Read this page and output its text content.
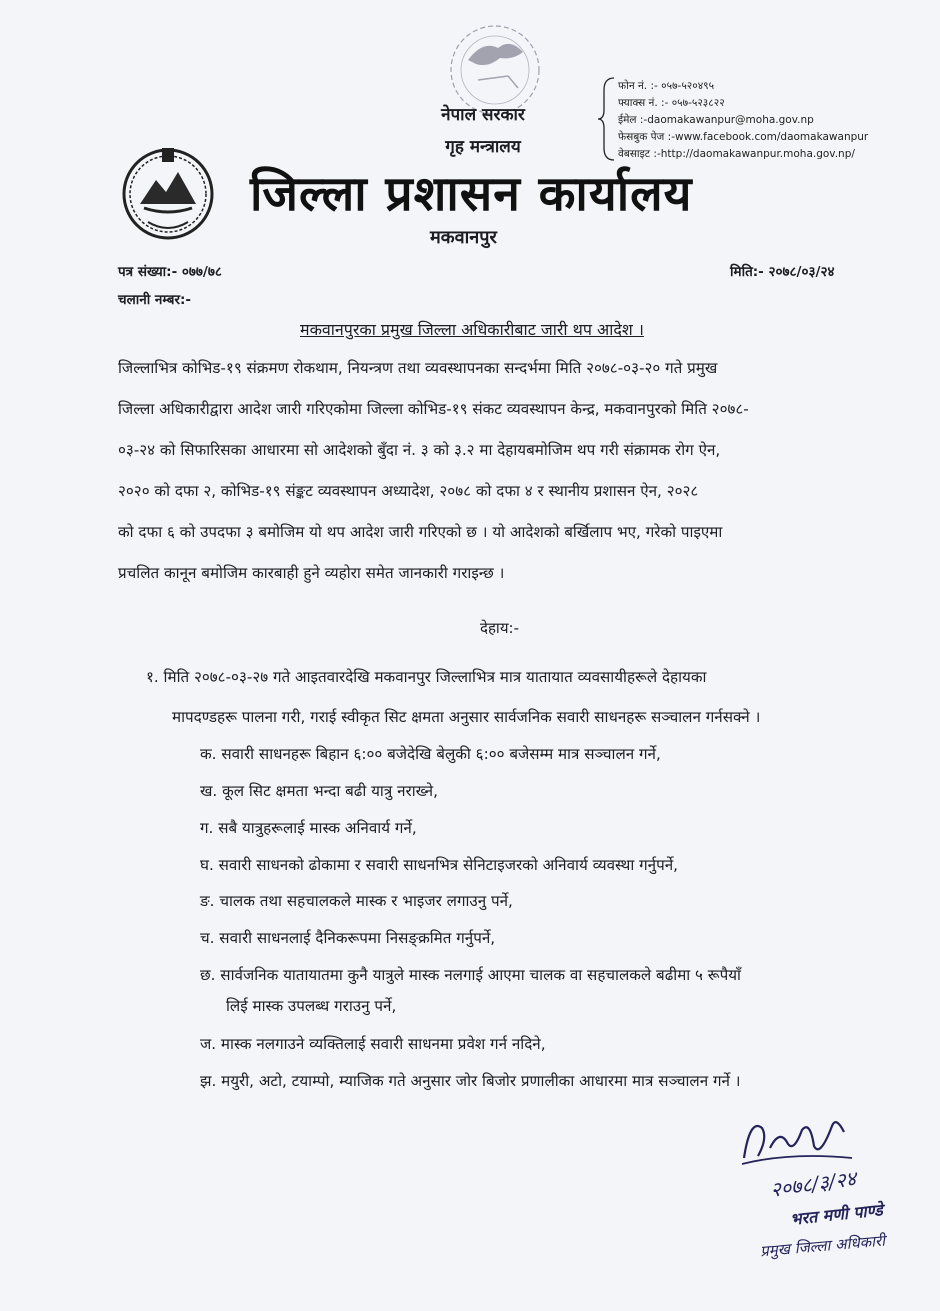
नेपाल सरकार
गृह मन्त्रालय
जिल्ला प्रशासन कार्यालय
मकवानपुर
फोन नं. :- ०५७-५२०४९५
फ्याक्स नं. :- ०५७-५२३८२२
ईमेल :-daomakawanpur@moha.gov.np
फेसबुक पेज :-www.facebook.com/daomakawanpur
वेबसाइट :-http://daomakawanpur.moha.gov.np/
पत्र संख्या:- ०७७/७८
चलानी नम्बर:-
मिति:- २०७८/०३/२४
मकवानपुरका प्रमुख जिल्ला अधिकारीबाट जारी थप आदेश ।
जिल्लाभित्र कोभिड-१९ संक्रमण रोकथाम, नियन्त्रण तथा व्यवस्थापनका सन्दर्भमा मिति २०७८-०३-२० गते प्रमुख
जिल्ला अधिकारीद्वारा आदेश जारी गरिएकोमा जिल्ला कोभिड-१९ संकट व्यवस्थापन केन्द्र, मकवानपुरको मिति २०७८-
०३-२४ को सिफारिसका आधारमा सो आदेशको बुँदा नं. ३ को ३.२ मा देहायबमोजिम थप गरी संक्रामक रोग ऐन,
२०२० को दफा २, कोभिड-१९ संङ्कट व्यवस्थापन अध्यादेश, २०७८ को दफा ४ र स्थानीय प्रशासन ऐन, २०२८
को दफा ६ को उपदफा ३ बमोजिम यो थप आदेश जारी गरिएको छ । यो आदेशको बर्खिलाप भए, गरेको पाइएमा
प्रचलित कानून बमोजिम कारबाही हुने व्यहोरा समेत जानकारी गराइन्छ ।
देहाय:-
१. मिति २०७८-०३-२७ गते आइतवारदेखि मकवानपुर जिल्लाभित्र मात्र यातायात व्यवसायीहरूले देहायका
मापदण्डहरू पालना गरी, गराई स्वीकृत सिट क्षमता अनुसार सार्वजनिक सवारी साधनहरू सञ्चालन गर्नसक्ने ।
क. सवारी साधनहरू बिहान ६:०० बजेदेखि बेलुकी ६:०० बजेसम्म मात्र सञ्चालन गर्ने,
ख. कूल सिट क्षमता भन्दा बढी यात्रु नराख्ने,
ग. सबै यात्रुहरूलाई मास्क अनिवार्य गर्ने,
घ. सवारी साधनको ढोकामा र सवारी साधनभित्र सेनिटाइजरको अनिवार्य व्यवस्था गर्नुपर्ने,
ङ. चालक तथा सहचालकले मास्क र भाइजर लगाउनु पर्ने,
च. सवारी साधनलाई दैनिकरूपमा निसङ्क्रमित गर्नुपर्ने,
छ. सार्वजनिक यातायातमा कुनै यात्रुले मास्क नलगाई आएमा चालक वा सहचालकले बढीमा ५ रूपैयाँ
लिई मास्क उपलब्ध गराउनु पर्ने,
ज. मास्क नलगाउने व्यक्तिलाई सवारी साधनमा प्रवेश गर्न नदिने,
झ. मयुरी, अटो, टयाम्पो, म्याजिक गते अनुसार जोर बिजोर प्रणालीका आधारमा मात्र सञ्चालन गर्ने ।
२०७८/३/२४
भरत मणी पाण्डे
प्रमुख जिल्ला अधिकारी
